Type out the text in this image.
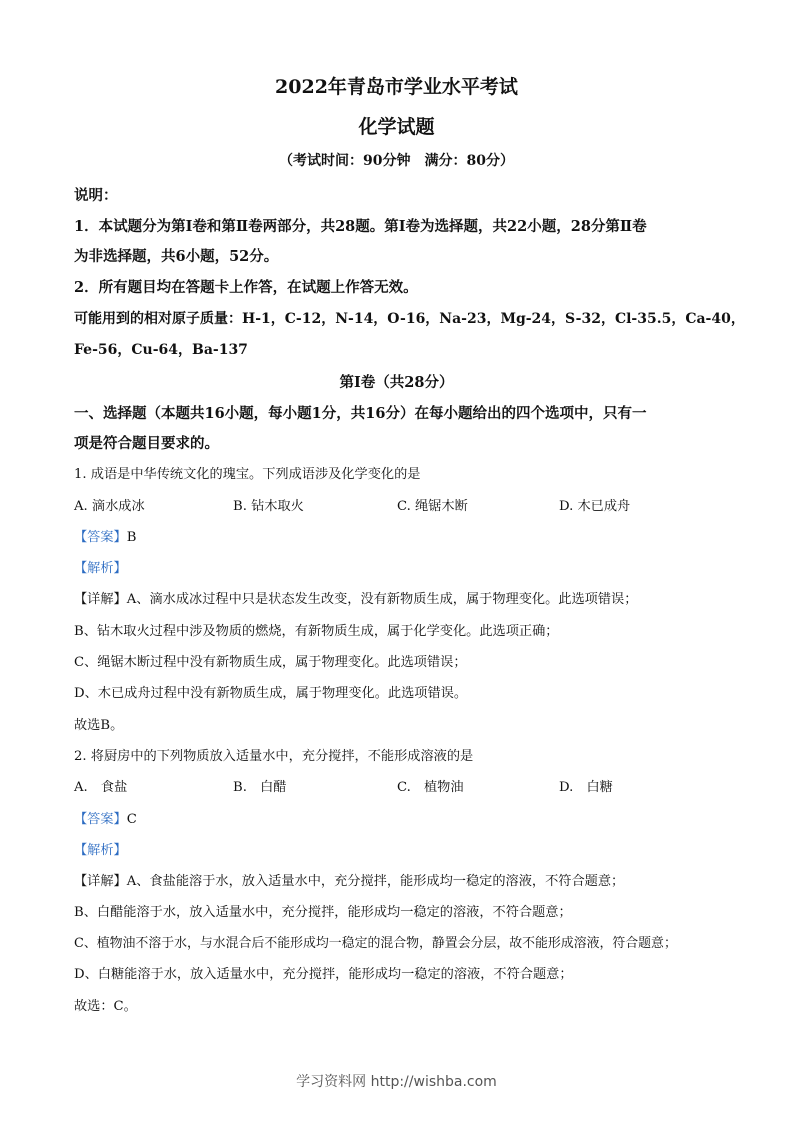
2022年青岛市学业水平考试
化学试题
（考试时间：90分钟　满分：80分）
说明：
1．本试题分为第Ⅰ卷和第Ⅱ卷两部分，共28题。第Ⅰ卷为选择题，共22小题，28分第Ⅱ卷
为非选择题，共6小题，52分。
2．所有题目均在答题卡上作答，在试题上作答无效。
可能用到的相对原子质量：H-1，C-12，N-14，O-16，Na-23，Mg-24，S-32，Cl-35.5，Ca-40，
Fe-56，Cu-64，Ba-137
第Ⅰ卷（共28分）
一、选择题（本题共16小题，每小题1分，共16分）在每小题给出的四个选项中，只有一
项是符合题目要求的。
1. 成语是中华传统文化的瑰宝。下列成语涉及化学变化的是
A. 滴水成冰	B. 钻木取火	C. 绳锯木断	D. 木已成舟
【答案】B
【解析】
【详解】A、滴水成冰过程中只是状态发生改变，没有新物质生成，属于物理变化。此选项错误；
B、钻木取火过程中涉及物质的燃烧，有新物质生成，属于化学变化。此选项正确；
C、绳锯木断过程中没有新物质生成，属于物理变化。此选项错误；
D、木已成舟过程中没有新物质生成，属于物理变化。此选项错误。
故选B。
2. 将厨房中的下列物质放入适量水中，充分搅拌，不能形成溶液的是
A.　食盐	B.　白醋	C.　植物油	D.　白糖
【答案】C
【解析】
【详解】A、食盐能溶于水，放入适量水中，充分搅拌，能形成均一稳定的溶液，不符合题意；
B、白醋能溶于水，放入适量水中，充分搅拌，能形成均一稳定的溶液，不符合题意；
C、植物油不溶于水，与水混合后不能形成均一稳定的混合物，静置会分层，故不能形成溶液，符合题意；
D、白糖能溶于水，放入适量水中，充分搅拌，能形成均一稳定的溶液，不符合题意；
故选：C。
学习资料网 http://wishba.com
